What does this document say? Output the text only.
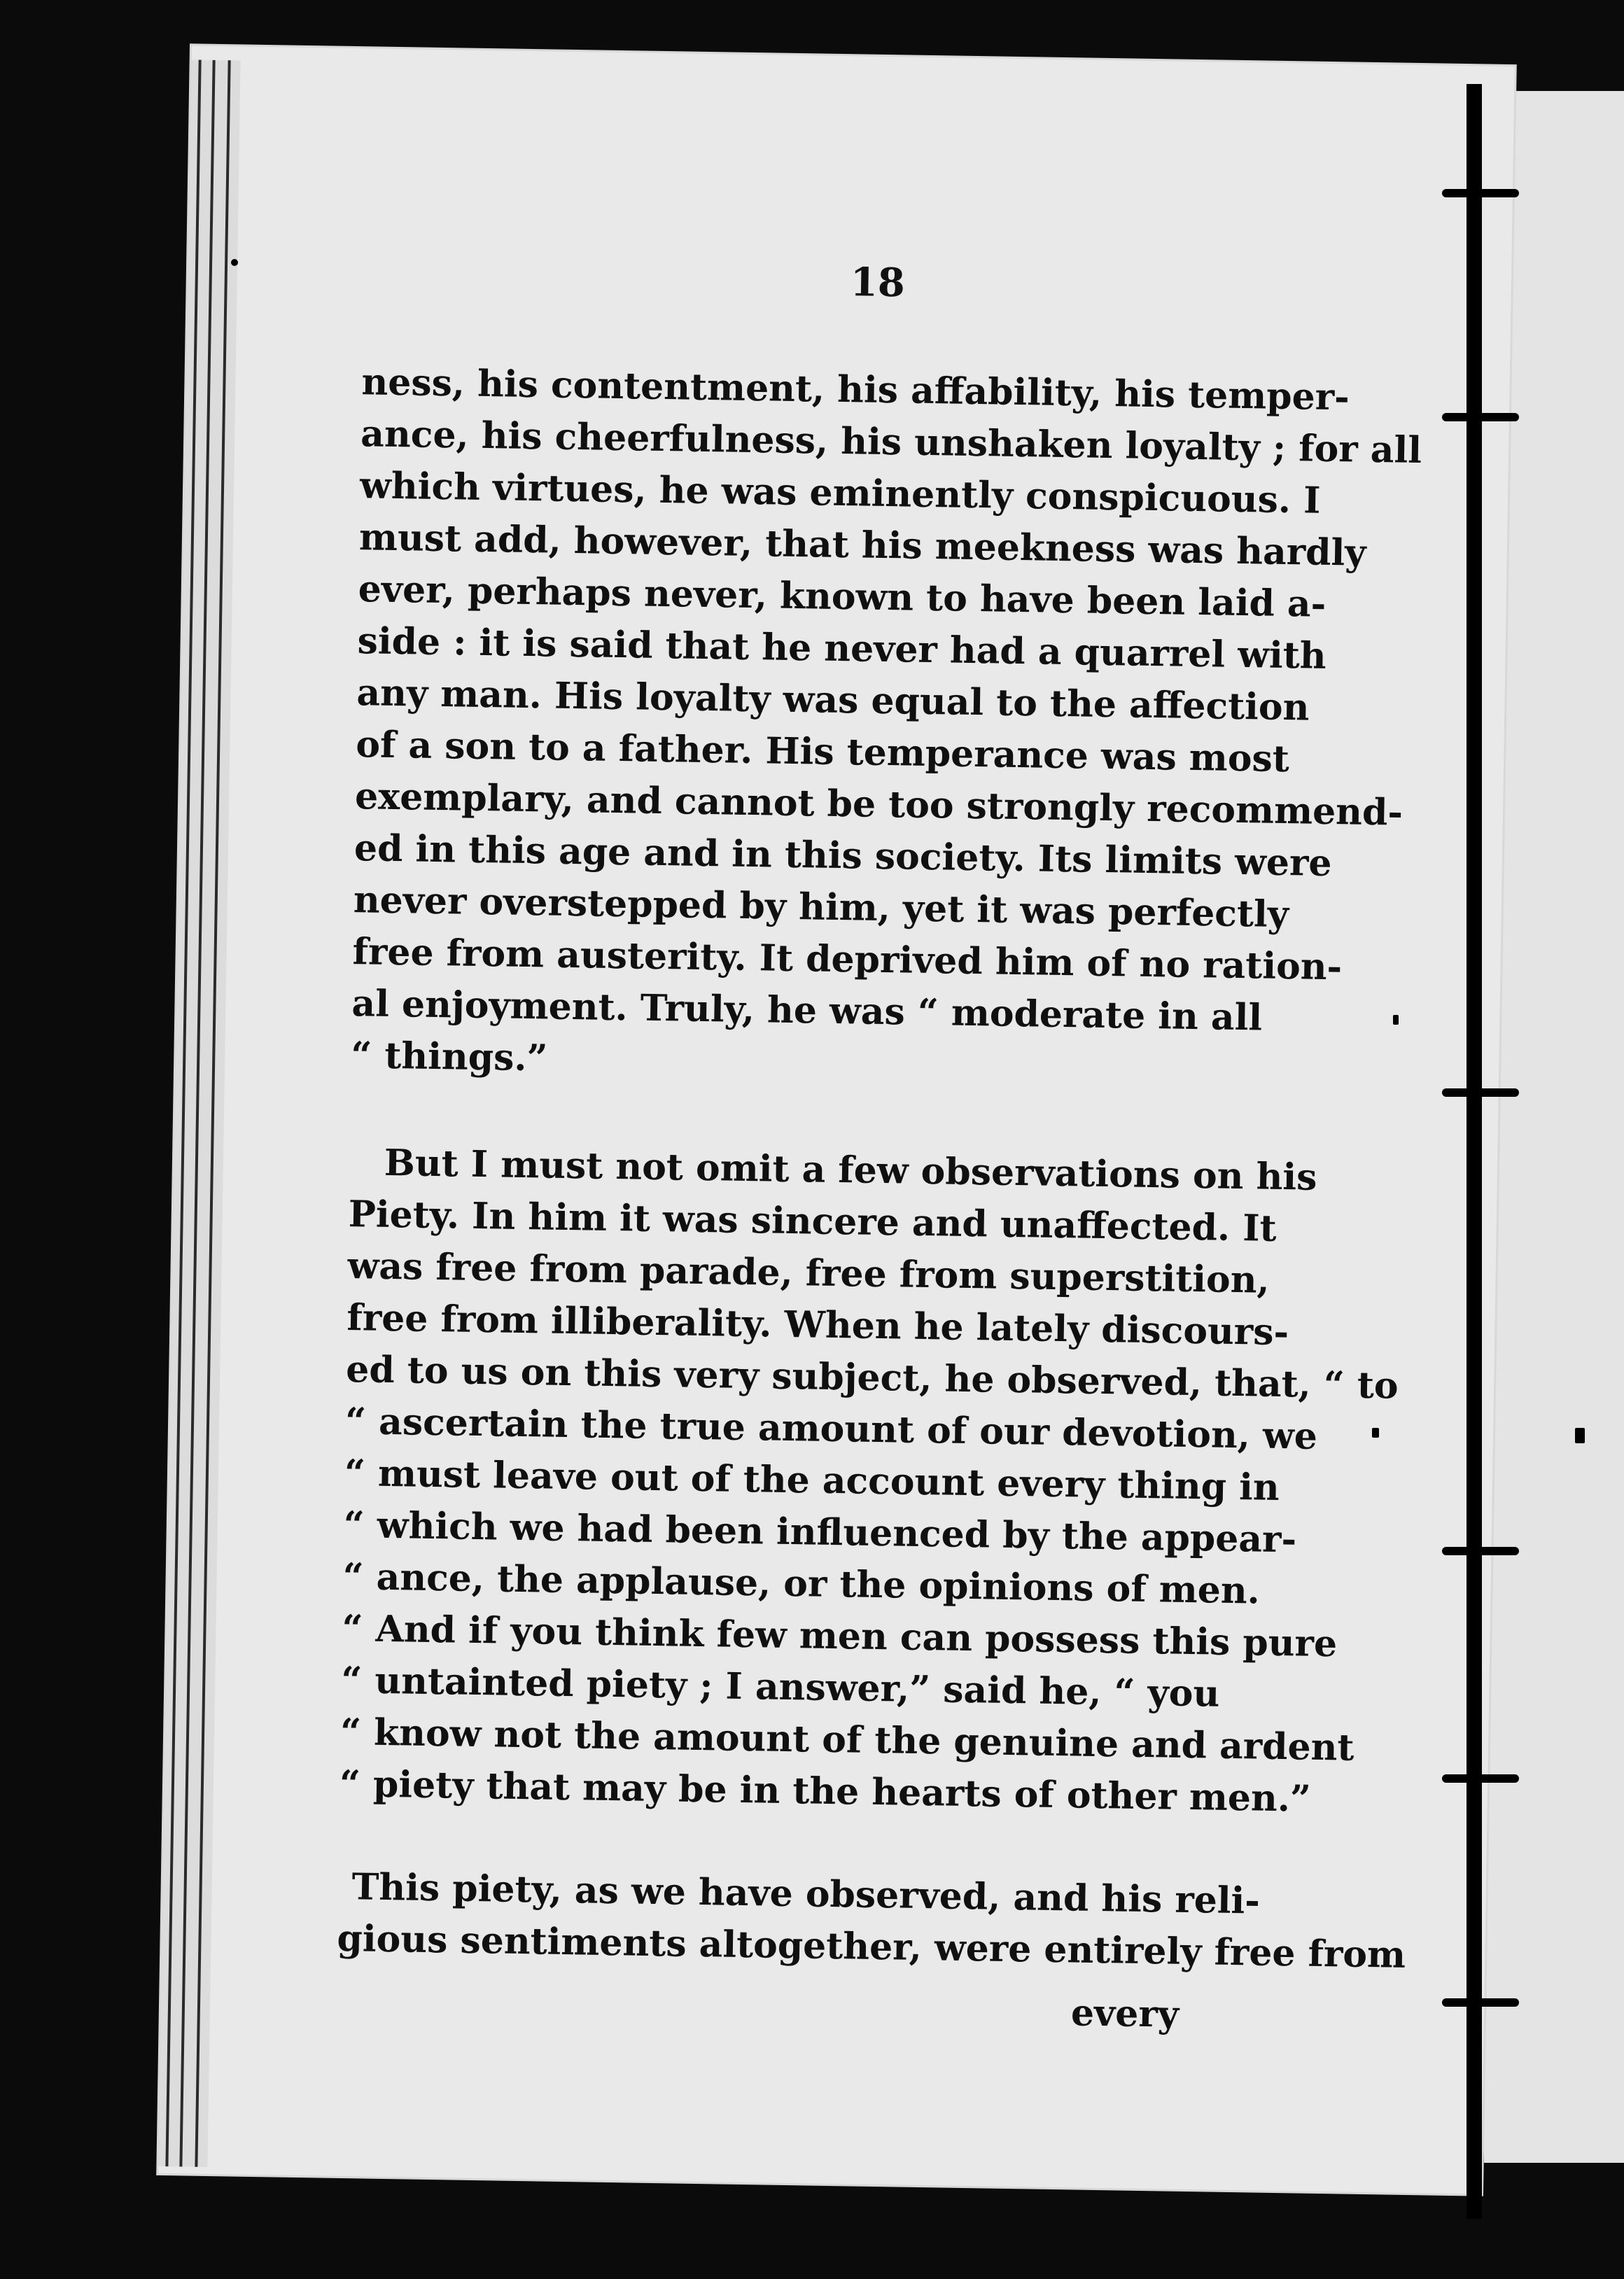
18
ness, his contentment, his affability, his temper-
ance, his cheerfulness, his unshaken loyalty ; for all
which virtues, he was eminently conspicuous. I
must add, however, that his meekness was hardly
ever, perhaps never, known to have been laid a-
side : it is said that he never had a quarrel with
any man. His loyalty was equal to the affection
of a son to a father. His temperance was most
exemplary, and cannot be too strongly recommend-
ed in this age and in this society. Its limits were
never overstepped by him, yet it was perfectly
free from austerity. It deprived him of no ration-
al enjoyment. Truly, he was “ moderate in all
“ things.”
But I must not omit a few observations on his
Piety. In him it was sincere and unaffected. It
was free from parade, free from superstition,
free from illiberality. When he lately discours-
ed to us on this very subject, he observed, that, “ to
“ ascertain the true amount of our devotion, we
“ must leave out of the account every thing in
“ which we had been influenced by the appear-
“ ance, the applause, or the opinions of men.
“ And if you think few men can possess this pure
“ untainted piety ; I answer,” said he, “ you
“ know not the amount of the genuine and ardent
“ piety that may be in the hearts of other men.”
This piety, as we have observed, and his reli-
gious sentiments altogether, were entirely free from
every
